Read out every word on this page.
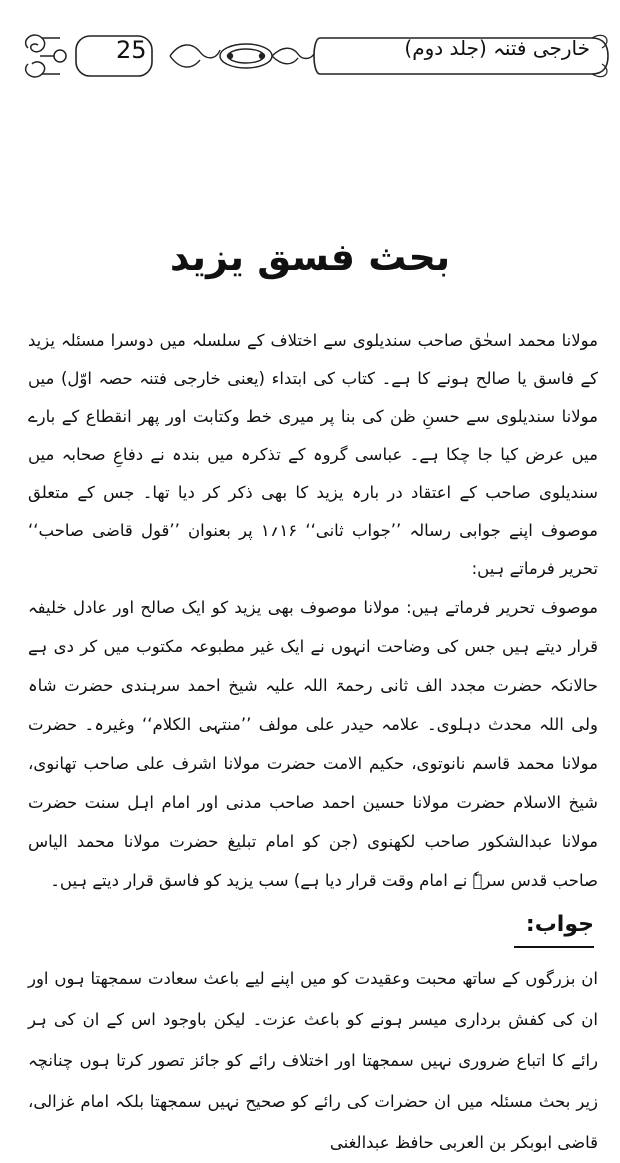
25	خارجی فتنہ (جلد دوم)
بحث فسق یزید

مولانا محمد اسحٰق صاحب سندیلوی سے اختلاف کے سلسلہ میں دوسرا مسئلہ یزید کے فاسق یا صالح ہونے کا ہے۔ کتاب کی ابتداء (یعنی خارجی فتنہ حصہ اوّل) میں مولانا سندیلوی سے حسنِ ظن کی بنا پر میری خط وکتابت اور پھر انقطاع کے بارے میں عرض کیا جا چکا ہے۔ عباسی گروہ کے تذکرہ میں بندہ نے دفاعِ صحابہ میں سندیلوی صاحب کے اعتقاد در بارہ یزید کا بھی ذکر کر دیا تھا۔ جس کے متعلق موصوف اپنے جوابی رسالہ ’’جواب ثانی‘‘ ۱۶؍۱ پر بعنوان ’’قول قاضی صاحب‘‘ تحریر فرماتے ہیں:

موصوف تحریر فرماتے ہیں: مولانا موصوف بھی یزید کو ایک صالح اور عادل خلیفہ قرار دیتے ہیں جس کی وضاحت انہوں نے ایک غیر مطبوعہ مکتوب میں کر دی ہے حالانکہ حضرت مجدد الف ثانی رحمۃ اللہ علیہ شیخ احمد سرہندی حضرت شاہ ولی اللہ محدث دہلوی۔ علامہ حیدر علی مولف ’’منتہی الکلام‘‘ وغیرہ۔ حضرت مولانا محمد قاسم نانوتوی، حکیم الامت حضرت مولانا اشرف علی صاحب تھانوی، شیخ الاسلام حضرت مولانا حسین احمد صاحب مدنی اور امام اہل سنت حضرت مولانا عبدالشکور صاحب لکھنوی (جن کو امام تبلیغ حضرت مولانا محمد الیاس صاحب قدس سرہٗ نے امام وقت قرار دیا ہے) سب یزید کو فاسق قرار دیتے ہیں۔

جواب:

ان بزرگوں کے ساتھ محبت وعقیدت کو میں اپنے لیے باعث سعادت سمجھتا ہوں اور ان کی کفش برداری میسر ہونے کو باعث عزت۔ لیکن باوجود اس کے ان کی ہر رائے کا اتباع ضروری نہیں سمجھتا اور اختلاف رائے کو جائز تصور کرتا ہوں چنانچہ زیر بحث مسئلہ میں ان حضرات کی رائے کو صحیح نہیں سمجھتا بلکہ امام غزالی، قاضی ابوبکر بن العربی حافظ عبدالغنی
